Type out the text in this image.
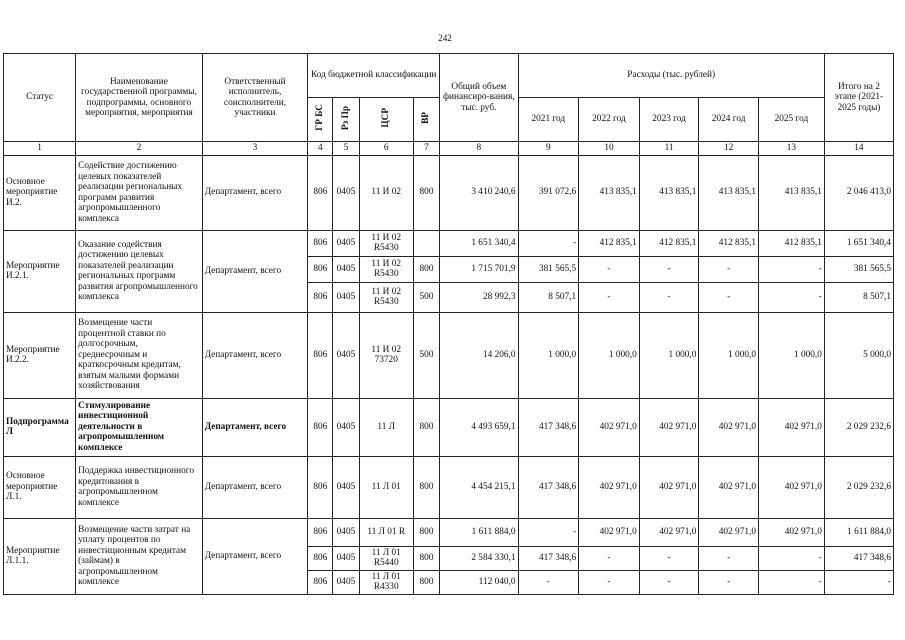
242
Статус	Наименование государственной программы, подпрограммы, основного мероприятия, мероприятия	Ответственный исполнитель, соисполнители, участники	Код бюджетной классификации				Общий объем финансиро-вания, тыс. руб.	Расходы (тыс. рублей)					Итого на 2 этапе (2021-2025 годы)
			ГР БС	Рз Пр	ЦСР	ВР		2021 год	2022 год	2023 год	2024 год	2025 год	
1	2	3	4	5	6	7	8	9	10	11	12	13	14
Основное мероприятие И.2.	Содействие достижению целевых показателей реализации региональных программ развития агропромышленного комплекса	Департамент, всего	806	0405	11 И 02	800	3 410 240,6	391 072,6	413 835,1	413 835,1	413 835,1	413 835,1	2 046 413,0
Мероприятие И.2.1.	Оказание содействия достижению целевых показателей реализации региональных программ развития агропромышленного комплекса	Департамент, всего	806	0405	11 И 02 R5430		1 651 340,4	-	412 835,1	412 835,1	412 835,1	412 835,1	1 651 340,4
			806	0405	11 И 02 R5430	800	1 715 701,9	381 565,5	-	-	-	-	381 565,5
			806	0405	11 И 02 R5430	500	28 992,3	8 507,1	-	-	-	-	8 507,1
Мероприятие И.2.2.	Возмещение части процентной ставки по долгосрочным, среднесрочным и краткосрочным кредитам, взятым малыми формами хозяйствования	Департамент, всего	806	0405	11 И 02 73720	500	14 206,0	1 000,0	1 000,0	1 000,0	1 000,0	1 000,0	5 000,0
Подпрограмма Л	Стимулирование инвестиционной деятельности в агропромышленном комплексе	Департамент, всего	806	0405	11 Л	800	4 493 659,1	417 348,6	402 971,0	402 971,0	402 971,0	402 971,0	2 029 232,6
Основное мероприятие Л.1.	Поддержка инвестиционного кредитования в агропромышленном комплексе	Департамент, всего	806	0405	11 Л 01	800	4 454 215,1	417 348,6	402 971,0	402 971,0	402 971,0	402 971,0	2 029 232,6
Мероприятие Л.1.1.	Возмещение части затрат на уплату процентов по инвестиционным кредитам (займам) в агропромышленном комплексе	Департамент, всего	806	0405	11 Л 01 R	800	1 611 884,0	-	402 971,0	402 971,0	402 971,0	402 971,0	1 611 884,0
			806	0405	11 Л 01 R5440	800	2 584 330,1	417 348,6	-	-	-	-	417 348,6
			806	0405	11 Л 01 R4330	800	112 040,0	-	-	-	-	-	-
